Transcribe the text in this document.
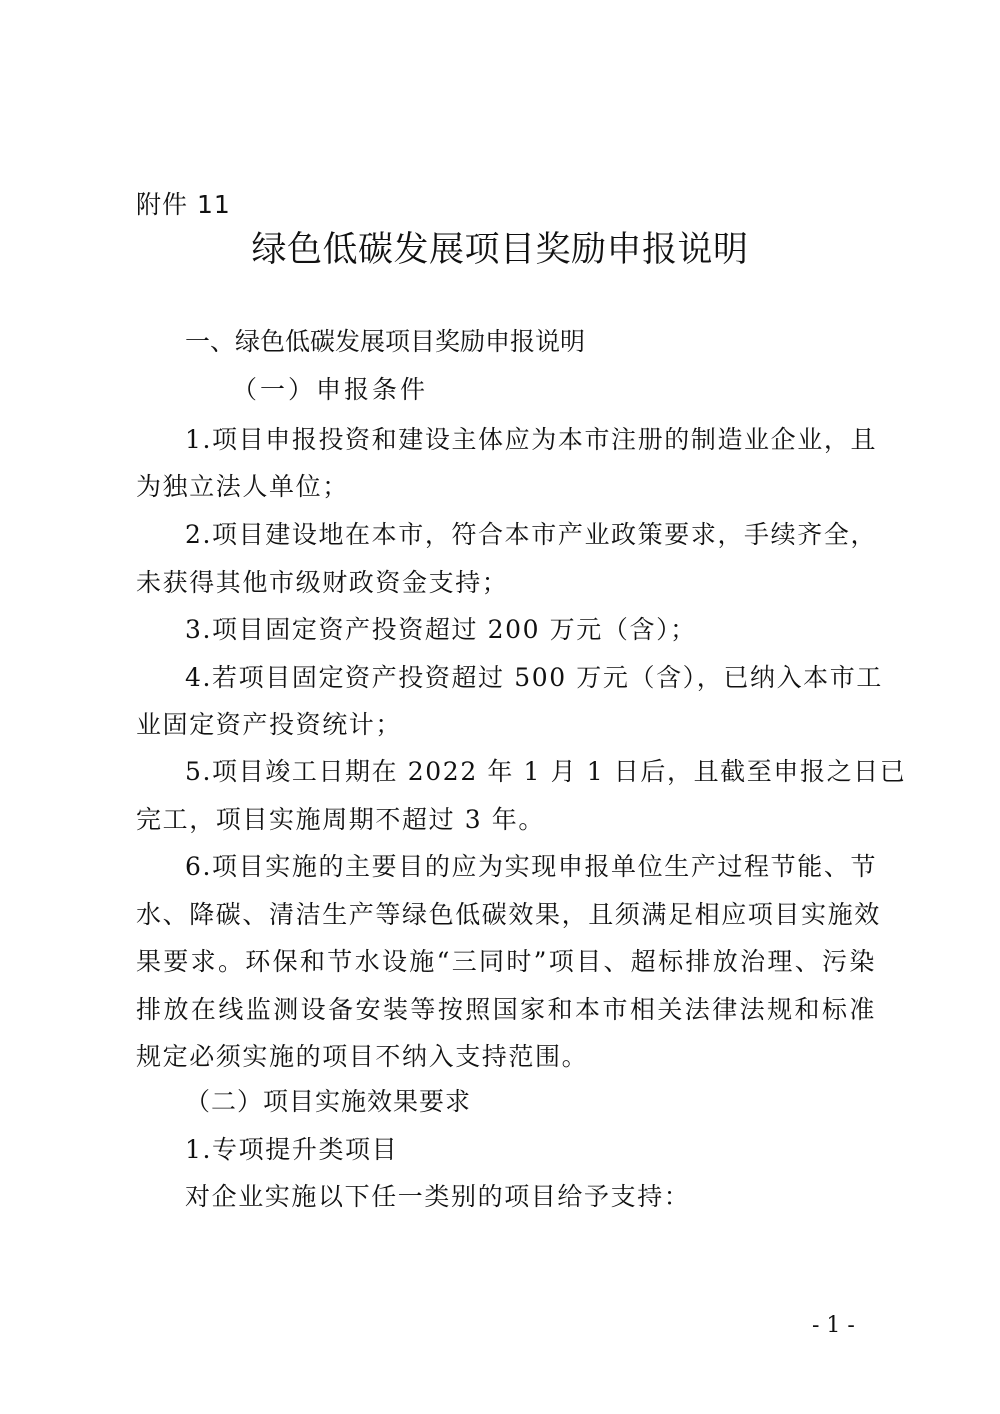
附件 11
绿色低碳发展项目奖励申报说明
一、绿色低碳发展项目奖励申报说明
（一）申报条件
1.项目申报投资和建设主体应为本市注册的制造业企业，且
为独立法人单位；
2.项目建设地在本市，符合本市产业政策要求，手续齐全，
未获得其他市级财政资金支持；
3.项目固定资产投资超过 200 万元（含）；
4.若项目固定资产投资超过 500 万元（含），已纳入本市工
业固定资产投资统计；
5.项目竣工日期在 2022 年 1 月 1 日后，且截至申报之日已
完工，项目实施周期不超过 3 年。
6.项目实施的主要目的应为实现申报单位生产过程节能、节
水、降碳、清洁生产等绿色低碳效果，且须满足相应项目实施效
果要求。环保和节水设施“三同时”项目、超标排放治理、污染
排放在线监测设备安装等按照国家和本市相关法律法规和标准
规定必须实施的项目不纳入支持范围。
（二）项目实施效果要求
1.专项提升类项目
对企业实施以下任一类别的项目给予支持：
- 1 -
